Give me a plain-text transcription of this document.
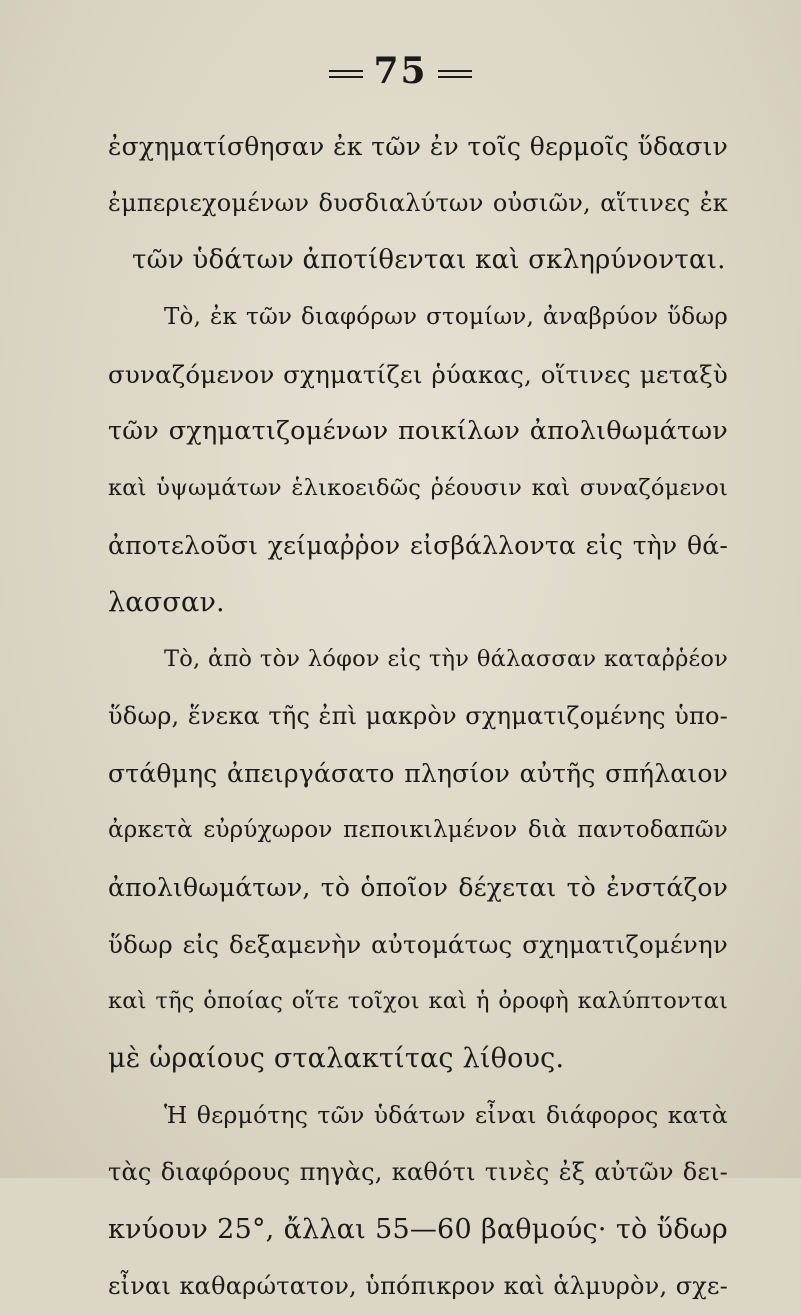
75
ἐσχηματίσθησαν ἐκ τῶν ἐν τοῖς θερμοῖς ὕδασιν
ἐμπεριεχομένων δυσδιαλύτων οὐσιῶν, αἵτινες ἐκ
τῶν ὑδάτων ἀποτίθενται καὶ σκληρύνονται.
Τὸ, ἐκ τῶν διαφόρων στομίων, ἀναβρύον ὕδωρ
συναζόμενον σχηματίζει ῥύακας, οἵτινες μεταξὺ
τῶν σχηματιζομένων ποικίλων ἀπολιθωμάτων
καὶ ὑψωμάτων ἑλικοειδῶς ῥέουσιν καὶ συναζόμενοι
ἀποτελοῦσι χείμαῤῥον εἰσβάλλοντα εἰς τὴν θά-
λασσαν.
Τὸ, ἀπὸ τὸν λόφον εἰς τὴν θάλασσαν καταῤῥέον
ὕδωρ, ἕνεκα τῆς ἐπὶ μακρὸν σχηματιζομένης ὑπο-
στάθμης ἀπειργάσατο πλησίον αὐτῆς σπήλαιον
ἀρκετὰ εὐρύχωρον πεποικιλμένον διὰ παντοδαπῶν
ἀπολιθωμάτων, τὸ ὁποῖον δέχεται τὸ ἐνστάζον
ὕδωρ εἰς δεξαμενὴν αὐτομάτως σχηματιζομένην
καὶ τῆς ὁποίας οἵτε τοῖχοι καὶ ἡ ὀροφὴ καλύπτονται
μὲ ὡραίους σταλακτίτας λίθους.
Ἡ θερμότης τῶν ὑδάτων εἶναι διάφορος κατὰ
τὰς διαφόρους πηγὰς, καθότι τινὲς ἐξ αὐτῶν δει-
κνύουν 25°, ἄλλαι 55—60 βαθμούς· τὸ ὕδωρ
εἶναι καθαρώτατον, ὑπόπικρον καὶ ἁλμυρὸν, σχε-
